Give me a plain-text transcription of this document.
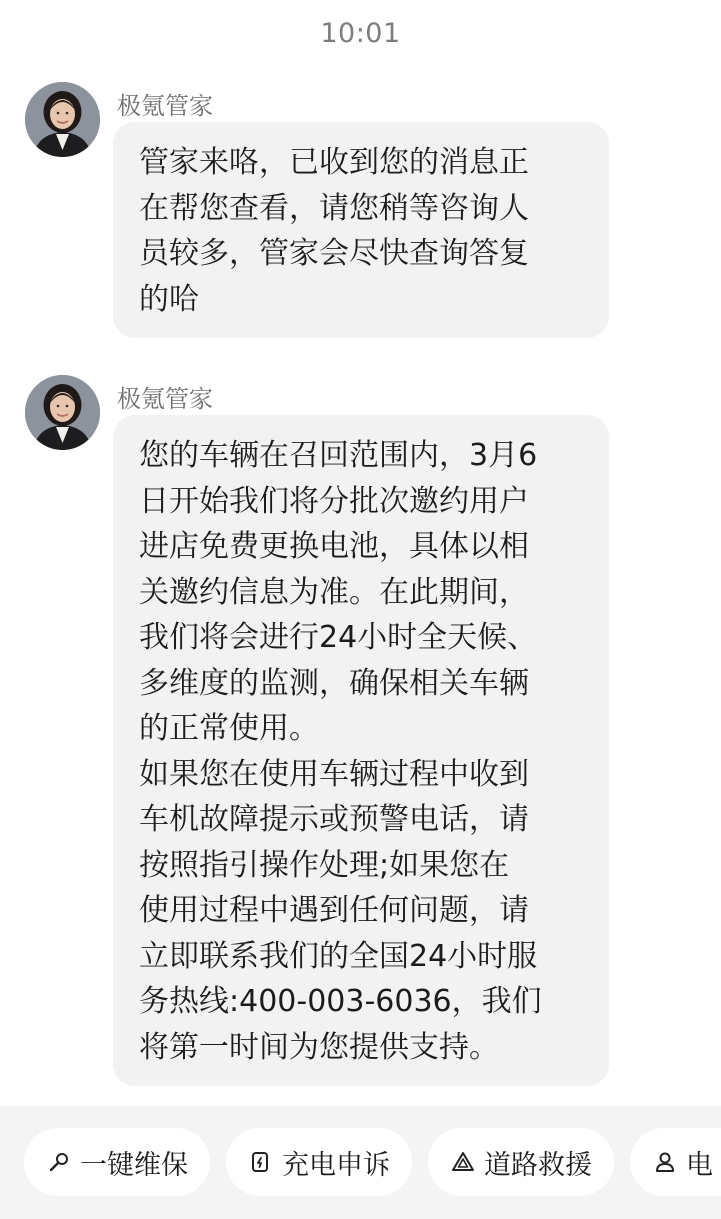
10:01
极氪管家
管家来咯，已收到您的消息正
在帮您查看，请您稍等咨询人
员较多，管家会尽快查询答复
的哈
极氪管家
您的车辆在召回范围内，3月6
日开始我们将分批次邀约用户
进店免费更换电池，具体以相
关邀约信息为准。在此期间，
我们将会进行24小时全天候、
多维度的监测，确保相关车辆
的正常使用。
如果您在使用车辆过程中收到
车机故障提示或预警电话，请
按照指引操作处理;如果您在
使用过程中遇到任何问题，请
立即联系我们的全国24小时服
务热线:400-003-6036，我们
将第一时间为您提供支持。
一键维保	充电申诉	道路救援	电
